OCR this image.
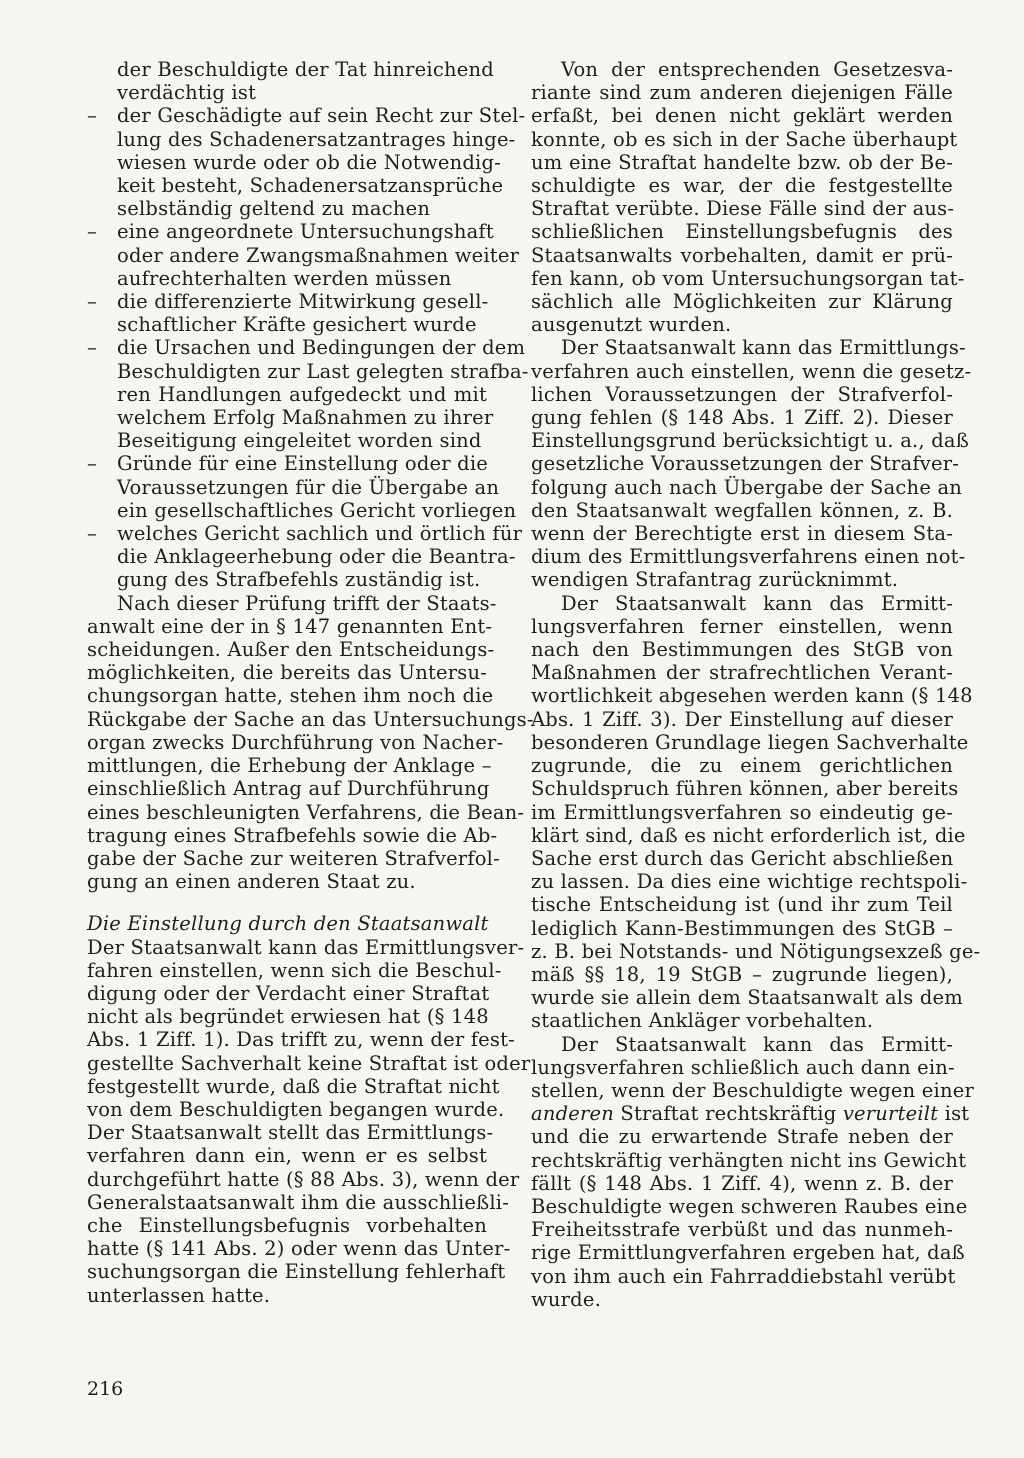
der Beschuldigte der Tat hinreichend
verdächtig ist
–	der Geschädigte auf sein Recht zur Stel-
lung des Schadenersatzantrages hinge-
wiesen wurde oder ob die Notwendig-
keit besteht, Schadenersatzansprüche
selbständig geltend zu machen
–	eine angeordnete Untersuchungshaft
oder andere Zwangsmaßnahmen weiter
aufrechterhalten werden müssen
–	die differenzierte Mitwirkung gesell-
schaftlicher Kräfte gesichert wurde
–	die Ursachen und Bedingungen der dem
Beschuldigten zur Last gelegten strafba-
ren Handlungen aufgedeckt und mit
welchem Erfolg Maßnahmen zu ihrer
Beseitigung eingeleitet worden sind
–	Gründe für eine Einstellung oder die
Voraussetzungen für die Übergabe an
ein gesellschaftliches Gericht vorliegen
–	welches Gericht sachlich und örtlich für
die Anklageerhebung oder die Beantra-
gung des Strafbefehls zuständig ist.
Nach dieser Prüfung trifft der Staats-
anwalt eine der in § 147 genannten Ent-
scheidungen. Außer den Entscheidungs-
möglichkeiten, die bereits das Untersu-
chungsorgan hatte, stehen ihm noch die
Rückgabe der Sache an das Untersuchungs-
organ zwecks Durchführung von Nacher-
mittlungen, die Erhebung der Anklage –
einschließlich Antrag auf Durchführung
eines beschleunigten Verfahrens, die Bean-
tragung eines Strafbefehls sowie die Ab-
gabe der Sache zur weiteren Strafverfol-
gung an einen anderen Staat zu.
Die Einstellung durch den Staatsanwalt
Der Staatsanwalt kann das Ermittlungsver-
fahren einstellen, wenn sich die Beschul-
digung oder der Verdacht einer Straftat
nicht als begründet erwiesen hat (§ 148
Abs. 1 Ziff. 1). Das trifft zu, wenn der fest-
gestellte Sachverhalt keine Straftat ist oder
festgestellt wurde, daß die Straftat nicht
von dem Beschuldigten begangen wurde.
Der Staatsanwalt stellt das Ermittlungs-
verfahren dann ein, wenn er es selbst
durchgeführt hatte (§ 88 Abs. 3), wenn der
Generalstaatsanwalt ihm die ausschließli-
che Einstellungsbefugnis vorbehalten
hatte (§ 141 Abs. 2) oder wenn das Unter-
suchungsorgan die Einstellung fehlerhaft
unterlassen hatte.
Von der entsprechenden Gesetzesva-
riante sind zum anderen diejenigen Fälle
erfaßt, bei denen nicht geklärt werden
konnte, ob es sich in der Sache überhaupt
um eine Straftat handelte bzw. ob der Be-
schuldigte es war, der die festgestellte
Straftat verübte. Diese Fälle sind der aus-
schließlichen Einstellungsbefugnis des
Staatsanwalts vorbehalten, damit er prü-
fen kann, ob vom Untersuchungsorgan tat-
sächlich alle Möglichkeiten zur Klärung
ausgenutzt wurden.
Der Staatsanwalt kann das Ermittlungs-
verfahren auch einstellen, wenn die gesetz-
lichen Voraussetzungen der Strafverfol-
gung fehlen (§ 148 Abs. 1 Ziff. 2). Dieser
Einstellungsgrund berücksichtigt u. a., daß
gesetzliche Voraussetzungen der Strafver-
folgung auch nach Übergabe der Sache an
den Staatsanwalt wegfallen können, z. B.
wenn der Berechtigte erst in diesem Sta-
dium des Ermittlungsverfahrens einen not-
wendigen Strafantrag zurücknimmt.
Der Staatsanwalt kann das Ermitt-
lungsverfahren ferner einstellen, wenn
nach den Bestimmungen des StGB von
Maßnahmen der strafrechtlichen Verant-
wortlichkeit abgesehen werden kann (§ 148
Abs. 1 Ziff. 3). Der Einstellung auf dieser
besonderen Grundlage liegen Sachverhalte
zugrunde, die zu einem gerichtlichen
Schuldspruch führen können, aber bereits
im Ermittlungsverfahren so eindeutig ge-
klärt sind, daß es nicht erforderlich ist, die
Sache erst durch das Gericht abschließen
zu lassen. Da dies eine wichtige rechtspoli-
tische Entscheidung ist (und ihr zum Teil
lediglich Kann-Bestimmungen des StGB –
z. B. bei Notstands- und Nötigungsexzeß ge-
mäß §§ 18, 19 StGB – zugrunde liegen),
wurde sie allein dem Staatsanwalt als dem
staatlichen Ankläger vorbehalten.
Der Staatsanwalt kann das Ermitt-
lungsverfahren schließlich auch dann ein-
stellen, wenn der Beschuldigte wegen einer
anderen Straftat rechtskräftig verurteilt ist
und die zu erwartende Strafe neben der
rechtskräftig verhängten nicht ins Gewicht
fällt (§ 148 Abs. 1 Ziff. 4), wenn z. B. der
Beschuldigte wegen schweren Raubes eine
Freiheitsstrafe verbüßt und das nunmeh-
rige Ermittlungverfahren ergeben hat, daß
von ihm auch ein Fahrraddiebstahl verübt
wurde.
216
